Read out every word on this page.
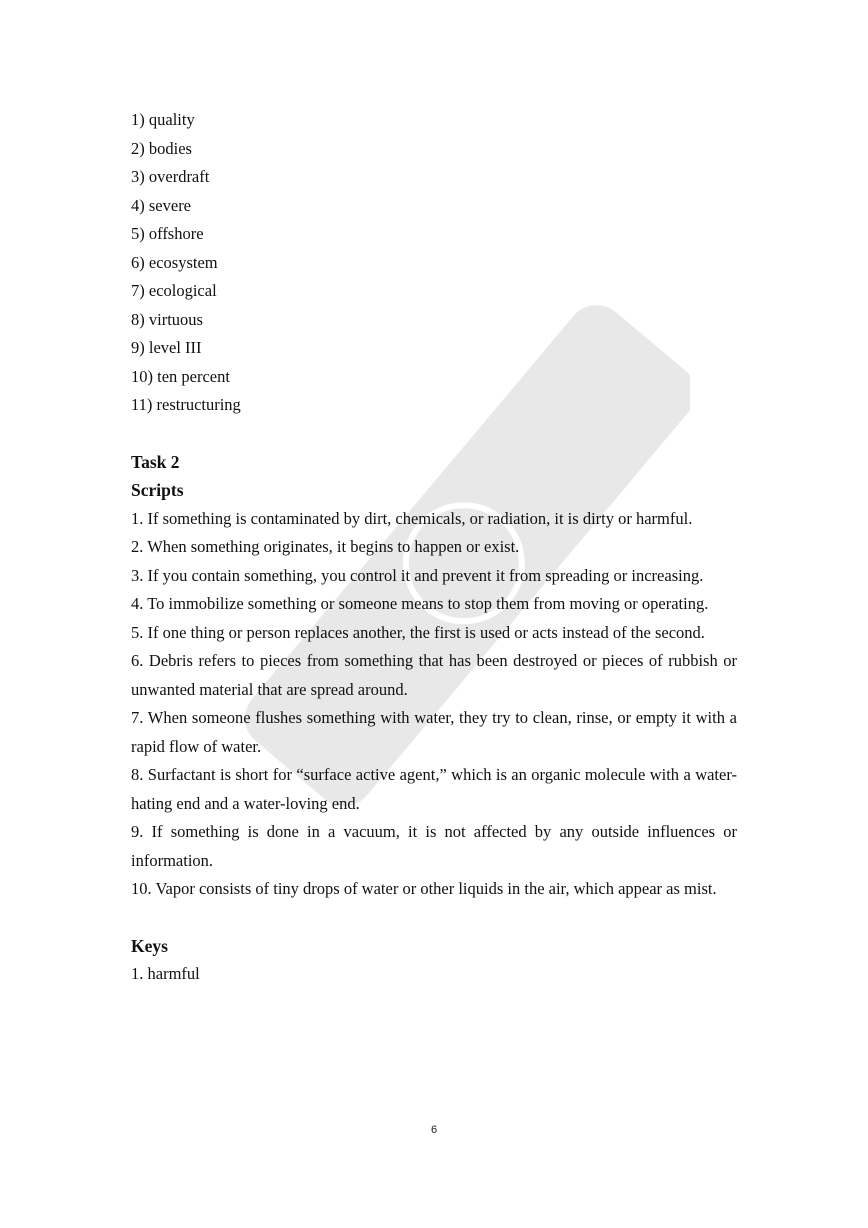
1) quality
2) bodies
3) overdraft
4) severe
5) offshore
6) ecosystem
7) ecological
8) virtuous
9) level III
10) ten percent
11) restructuring
Task 2
Scripts
1. If something is contaminated by dirt, chemicals, or radiation, it is dirty or harmful.
2. When something originates, it begins to happen or exist.
3. If you contain something, you control it and prevent it from spreading or increasing.
4. To immobilize something or someone means to stop them from moving or operating.
5. If one thing or person replaces another, the first is used or acts instead of the second.
6. Debris refers to pieces from something that has been destroyed or pieces of rubbish or unwanted material that are spread around.
7. When someone flushes something with water, they try to clean, rinse, or empty it with a rapid flow of water.
8. Surfactant is short for “surface active agent,” which is an organic molecule with a water-hating end and a water-loving end.
9. If something is done in a vacuum, it is not affected by any outside influences or information.
10. Vapor consists of tiny drops of water or other liquids in the air, which appear as mist.
Keys
1. harmful
6
